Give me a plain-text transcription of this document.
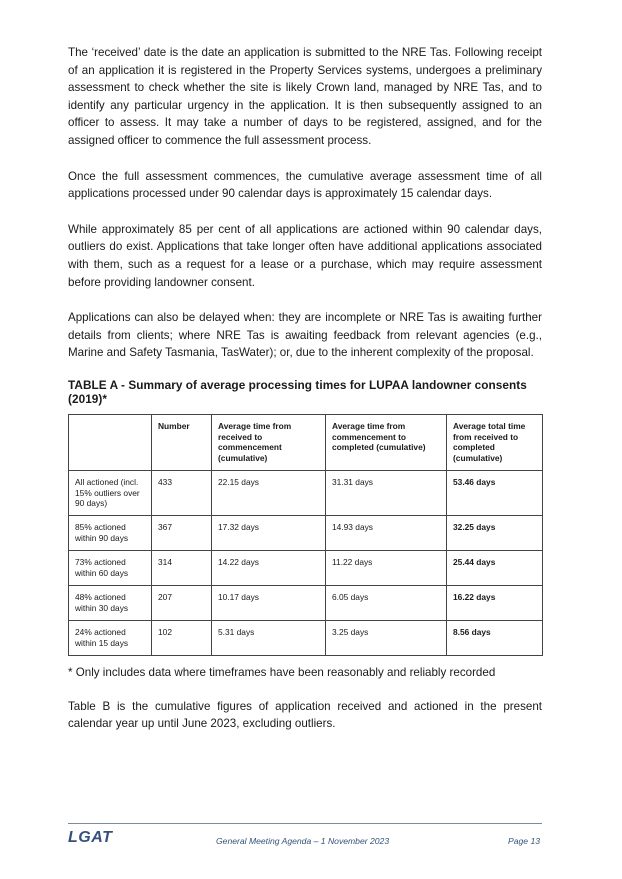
The ‘received’ date is the date an application is submitted to the NRE Tas. Following receipt of an application it is registered in the Property Services systems, undergoes a preliminary assessment to check whether the site is likely Crown land, managed by NRE Tas, and to identify any particular urgency in the application. It is then subsequently assigned to an officer to assess. It may take a number of days to be registered, assigned, and for the assigned officer to commence the full assessment process.

Once the full assessment commences, the cumulative average assessment time of all applications processed under 90 calendar days is approximately 15 calendar days.

While approximately 85 per cent of all applications are actioned within 90 calendar days, outliers do exist. Applications that take longer often have additional applications associated with them, such as a request for a lease or a purchase, which may require assessment before providing landowner consent.

Applications can also be delayed when: they are incomplete or NRE Tas is awaiting further details from clients; where NRE Tas is awaiting feedback from relevant agencies (e.g., Marine and Safety Tasmania, TasWater); or, due to the inherent complexity of the proposal.

TABLE A - Summary of average processing times for LUPAA landowner consents (2019)*
	Number	Average time from received to commencement (cumulative)	Average time from commencement to completed (cumulative)	Average total time from received to completed (cumulative)
All actioned (incl. 15% outliers over 90 days)	433	22.15 days	31.31 days	53.46 days
85% actioned within 90 days	367	17.32 days	14.93 days	32.25 days
73% actioned within 60 days	314	14.22 days	11.22 days	25.44 days
48% actioned within 30 days	207	10.17 days	6.05 days	16.22 days
24% actioned within 15 days	102	5.31 days	3.25 days	8.56 days

* Only includes data where timeframes have been reasonably and reliably recorded

Table B is the cumulative figures of application received and actioned in the present calendar year up until June 2023, excluding outliers.

LGAT	General Meeting Agenda – 1 November 2023	Page 13
